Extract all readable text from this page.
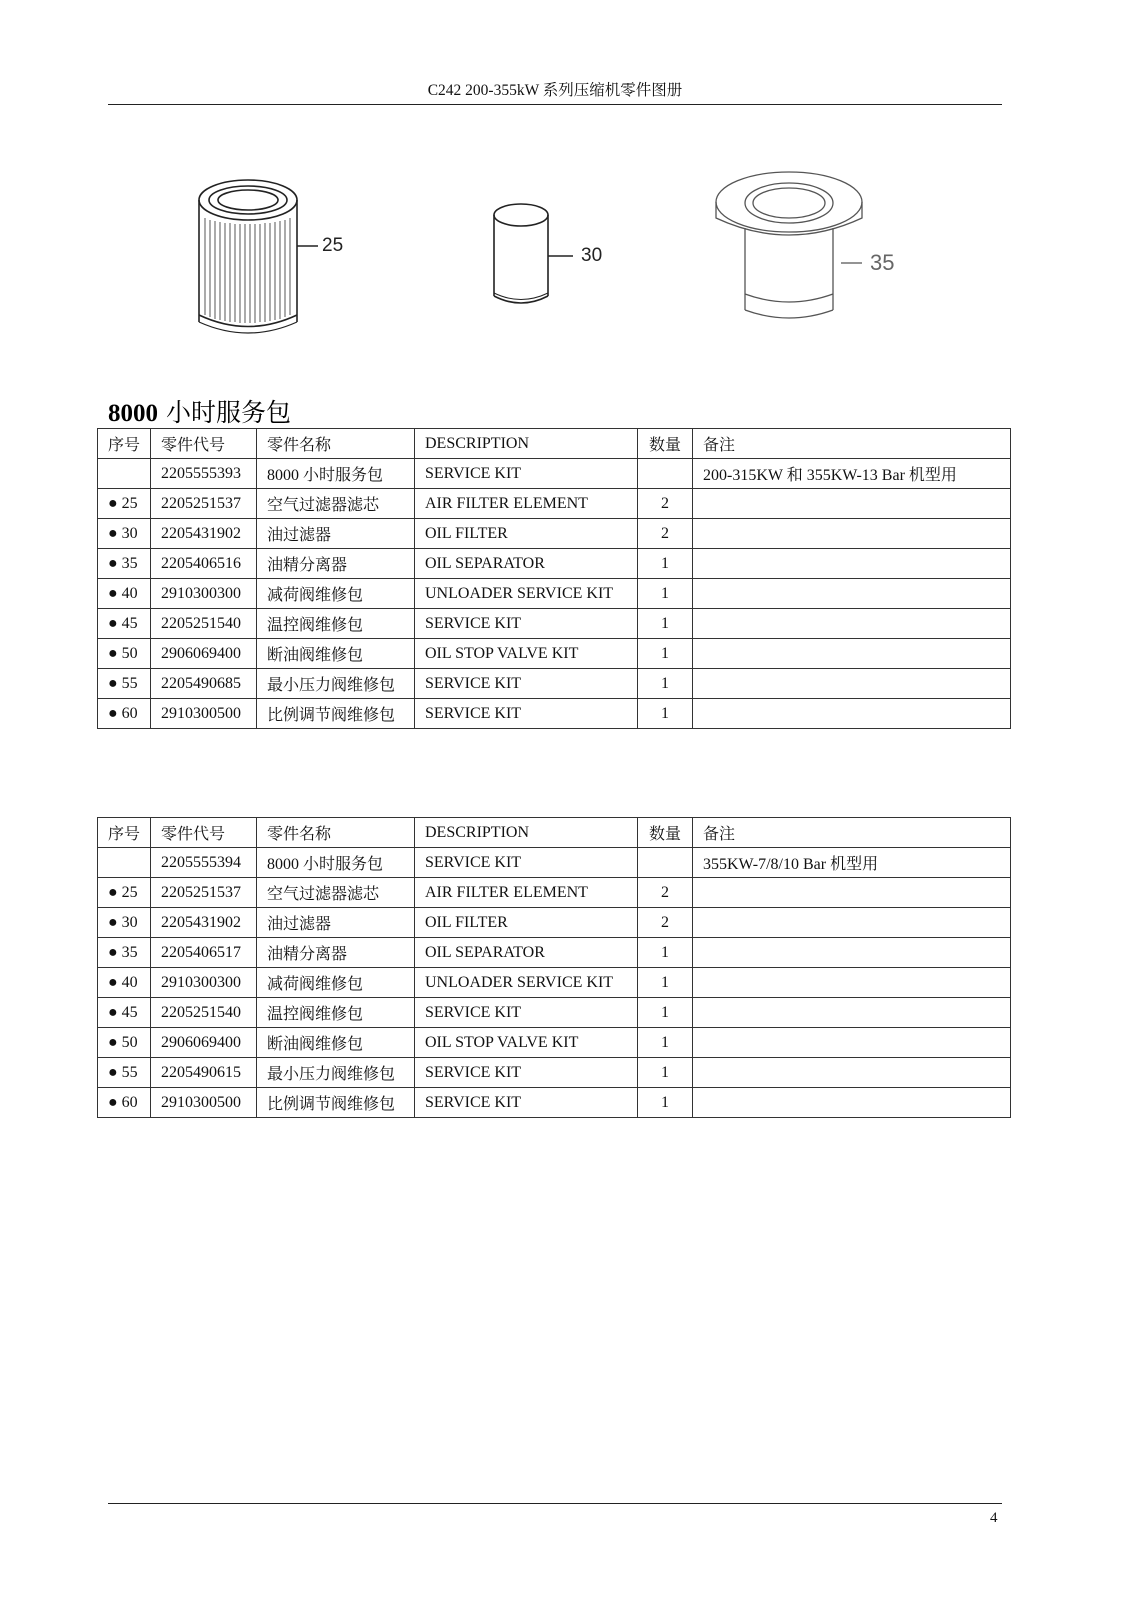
C242 200-355kW 系列压缩机零件图册
25	30	35
8000 小时服务包
序号	零件代号	零件名称	DESCRIPTION	数量	备注
	2205555393	8000 小时服务包	SERVICE KIT		200-315KW 和 355KW-13 Bar 机型用
● 25	2205251537	空气过滤器滤芯	AIR FILTER ELEMENT	2	
● 30	2205431902	油过滤器	OIL FILTER	2	
● 35	2205406516	油精分离器	OIL SEPARATOR	1	
● 40	2910300300	减荷阀维修包	UNLOADER SERVICE KIT	1	
● 45	2205251540	温控阀维修包	SERVICE KIT	1	
● 50	2906069400	断油阀维修包	OIL STOP VALVE KIT	1	
● 55	2205490685	最小压力阀维修包	SERVICE KIT	1	
● 60	2910300500	比例调节阀维修包	SERVICE KIT	1	
序号	零件代号	零件名称	DESCRIPTION	数量	备注
	2205555394	8000 小时服务包	SERVICE KIT		355KW-7/8/10 Bar 机型用
● 25	2205251537	空气过滤器滤芯	AIR FILTER ELEMENT	2	
● 30	2205431902	油过滤器	OIL FILTER	2	
● 35	2205406517	油精分离器	OIL SEPARATOR	1	
● 40	2910300300	减荷阀维修包	UNLOADER SERVICE KIT	1	
● 45	2205251540	温控阀维修包	SERVICE KIT	1	
● 50	2906069400	断油阀维修包	OIL STOP VALVE KIT	1	
● 55	2205490615	最小压力阀维修包	SERVICE KIT	1	
● 60	2910300500	比例调节阀维修包	SERVICE KIT	1	
4
